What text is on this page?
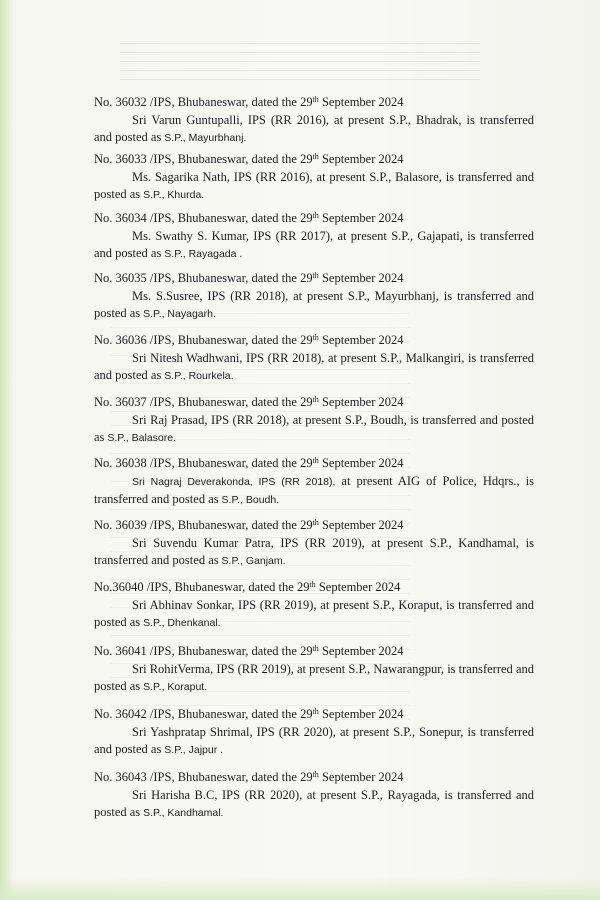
No. 36032 /IPS, Bhubaneswar, dated the 29th September 2024
Sri Varun Guntupalli, IPS (RR 2016), at present S.P., Bhadrak, is transferred and posted as S.P., Mayurbhanj.
No. 36033 /IPS, Bhubaneswar, dated the 29th September 2024
Ms. Sagarika Nath, IPS (RR 2016), at present S.P., Balasore, is transferred and posted as S.P., Khurda.
No. 36034 /IPS, Bhubaneswar, dated the 29th September 2024
Ms. Swathy S. Kumar, IPS (RR 2017), at present S.P., Gajapati, is transferred and posted as S.P., Rayagada .
No. 36035 /IPS, Bhubaneswar, dated the 29th September 2024
Ms. S.Susree, IPS (RR 2018), at present S.P., Mayurbhanj, is transferred and posted as S.P., Nayagarh.
No. 36036 /IPS, Bhubaneswar, dated the 29th September 2024
Sri Nitesh Wadhwani, IPS (RR 2018), at present S.P., Malkangiri, is transferred and posted as S.P., Rourkela.
No. 36037 /IPS, Bhubaneswar, dated the 29th September 2024
Sri Raj Prasad, IPS (RR 2018), at present S.P., Boudh, is transferred and posted as S.P., Balasore.
No. 36038 /IPS, Bhubaneswar, dated the 29th September 2024
Sri Nagraj Deverakonda, IPS (RR 2018), at present AIG of Police, Hdqrs., is transferred and posted as S.P., Boudh.
No. 36039 /IPS, Bhubaneswar, dated the 29th September 2024
Sri Suvendu Kumar Patra, IPS (RR 2019), at present S.P., Kandhamal, is transferred and posted as S.P., Ganjam.
No.36040 /IPS, Bhubaneswar, dated the 29th September 2024
Sri Abhinav Sonkar, IPS (RR 2019), at present S.P., Koraput, is transferred and posted as S.P., Dhenkanal.
No. 36041 /IPS, Bhubaneswar, dated the 29th September 2024
Sri RohitVerma, IPS (RR 2019), at present S.P., Nawarangpur, is transferred and posted as S.P., Koraput.
No. 36042 /IPS, Bhubaneswar, dated the 29th September 2024
Sri Yashpratap Shrimal, IPS (RR 2020), at present S.P., Sonepur, is transferred and posted as S.P., Jajpur .
No. 36043 /IPS, Bhubaneswar, dated the 29th September 2024
Sri Harisha B.C, IPS (RR 2020), at present S.P., Rayagada, is transferred and posted as S.P., Kandhamal.
